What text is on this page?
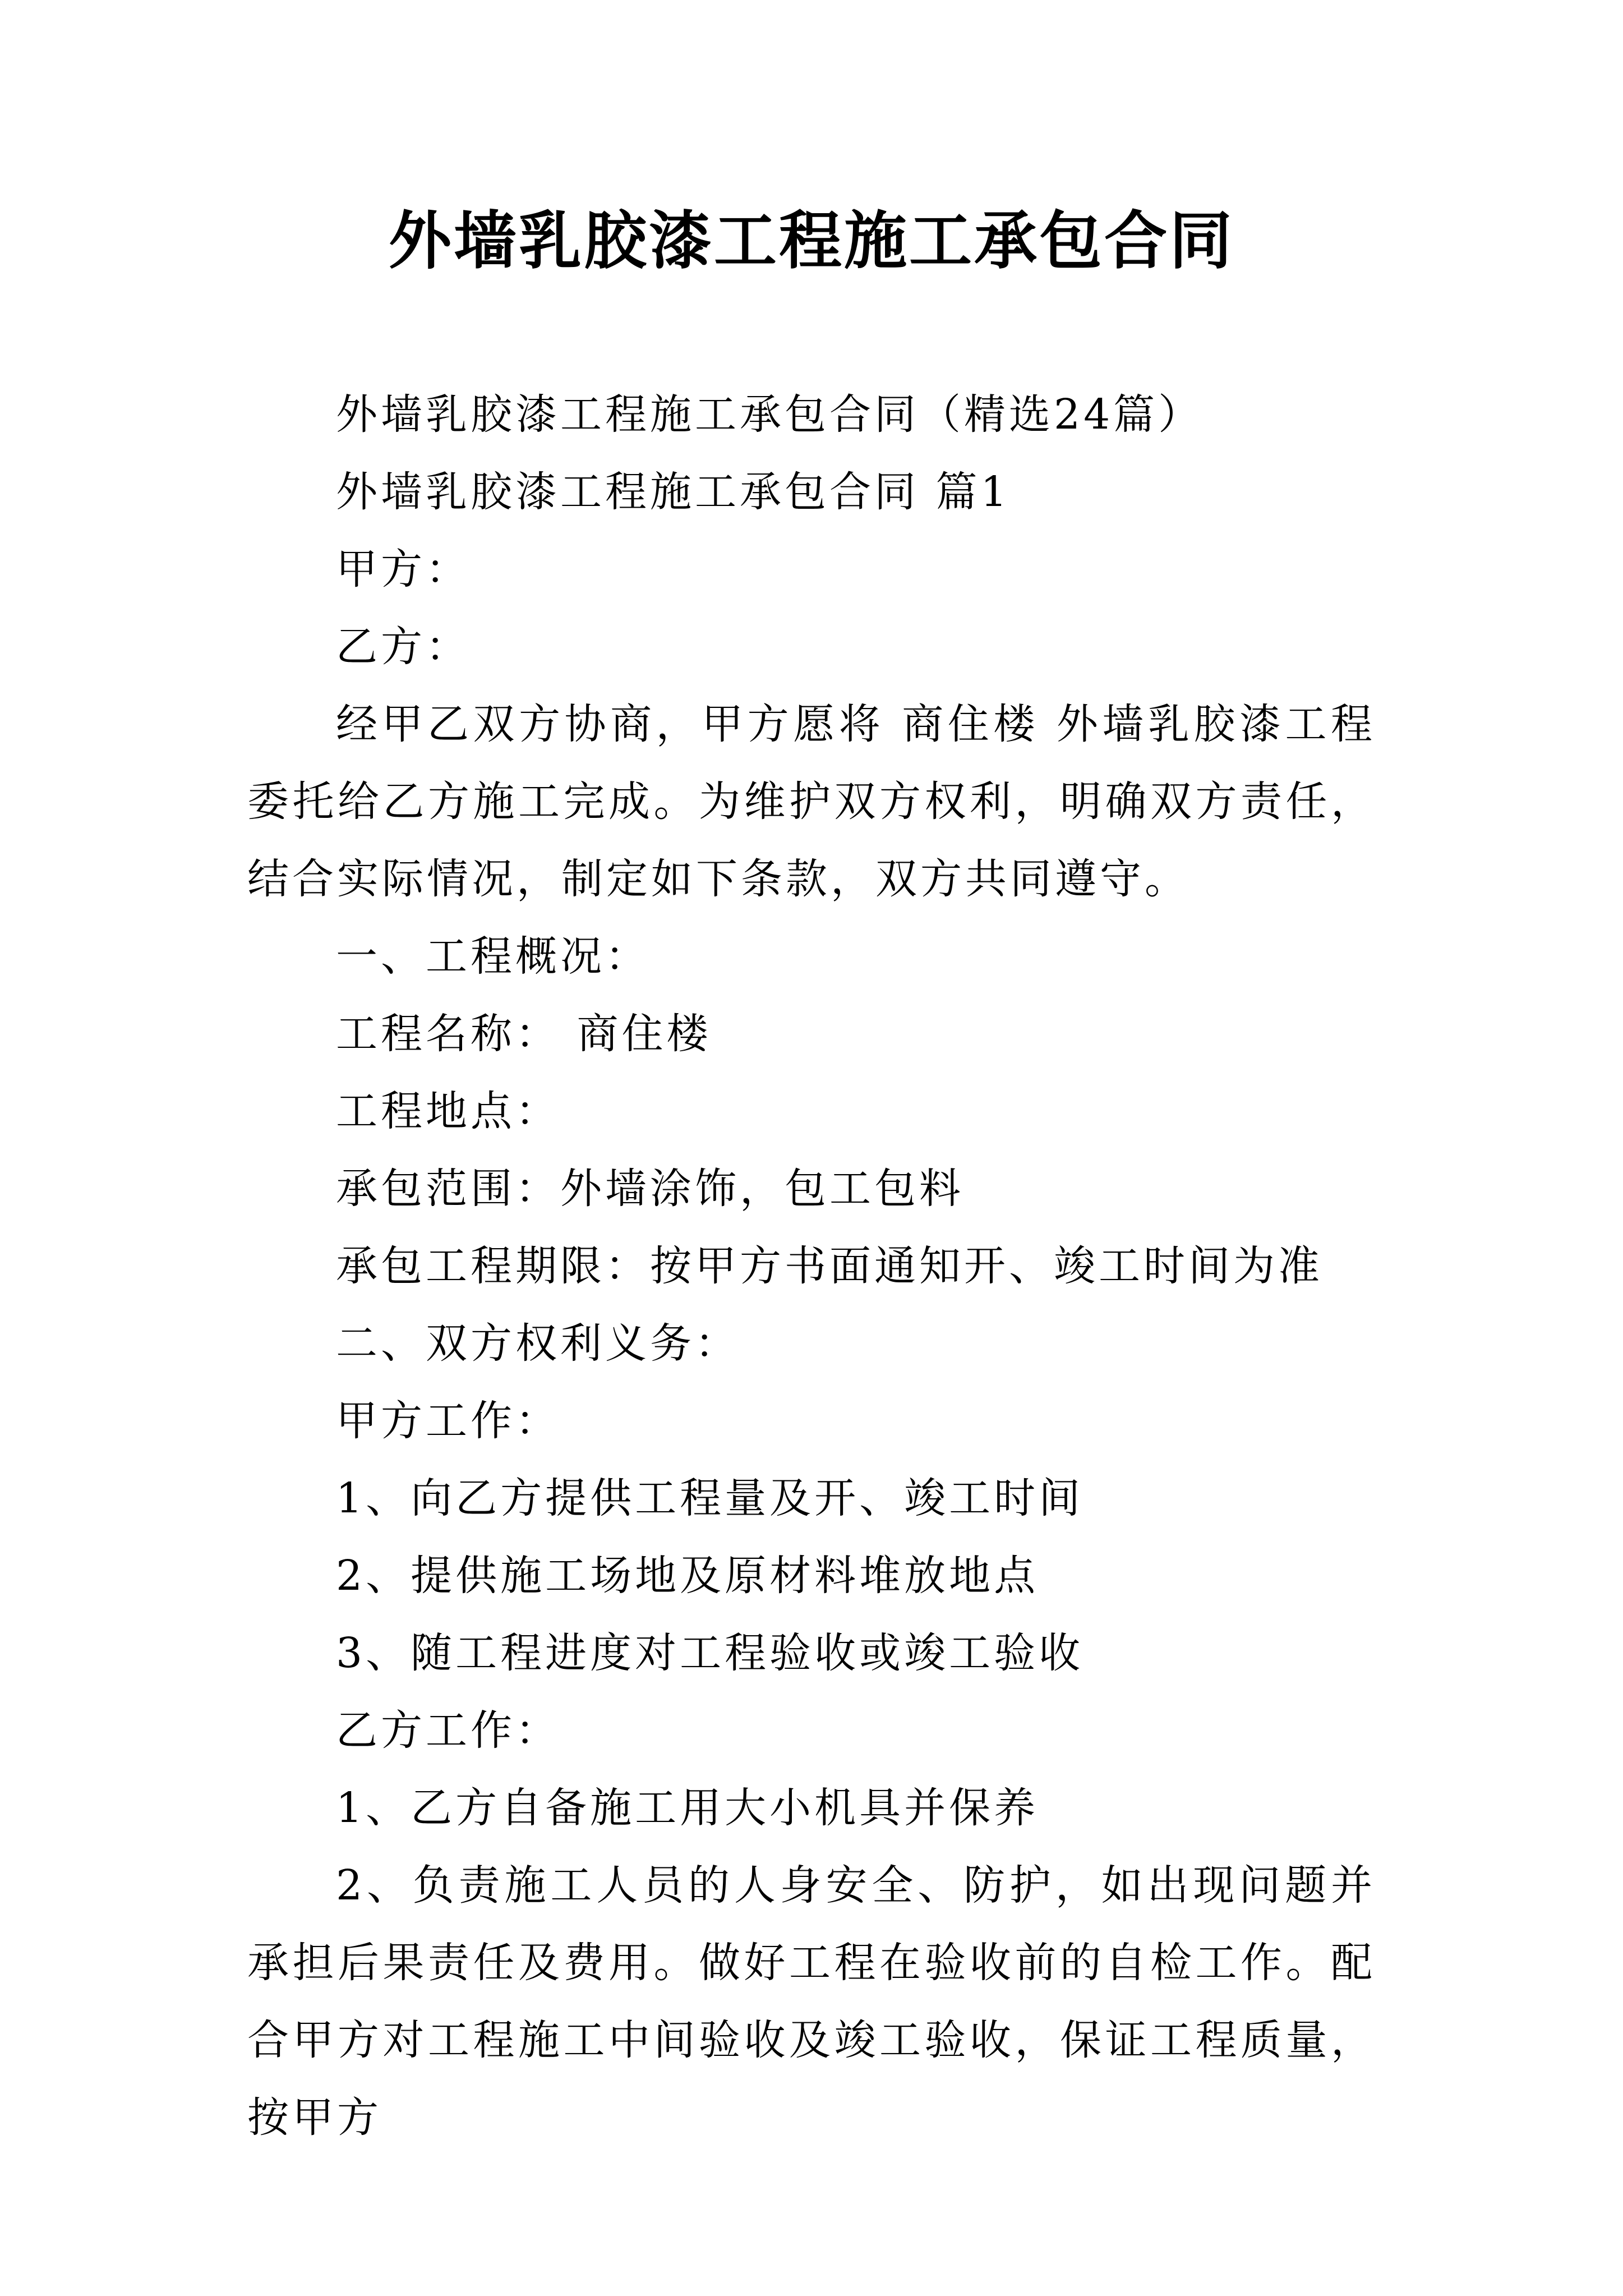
外墙乳胶漆工程施工承包合同

外墙乳胶漆工程施工承包合同（精选24篇）

外墙乳胶漆工程施工承包合同 篇1

甲方：

乙方：

经甲乙双方协商，甲方愿将 商住楼 外墙乳胶漆工程委托给乙方施工完成。为维护双方权利，明确双方责任，结合实际情况，制定如下条款，双方共同遵守。

一、工程概况：

工程名称： 商住楼

工程地点：

承包范围：外墙涂饰，包工包料

承包工程期限：按甲方书面通知开、竣工时间为准

二、双方权利义务：

甲方工作：

1、向乙方提供工程量及开、竣工时间

2、提供施工场地及原材料堆放地点

3、随工程进度对工程验收或竣工验收

乙方工作：

1、乙方自备施工用大小机具并保养

2、负责施工人员的人身安全、防护，如出现问题并承担后果责任及费用。做好工程在验收前的自检工作。配合甲方对工程施工中间验收及竣工验收，保证工程质量，按甲方
